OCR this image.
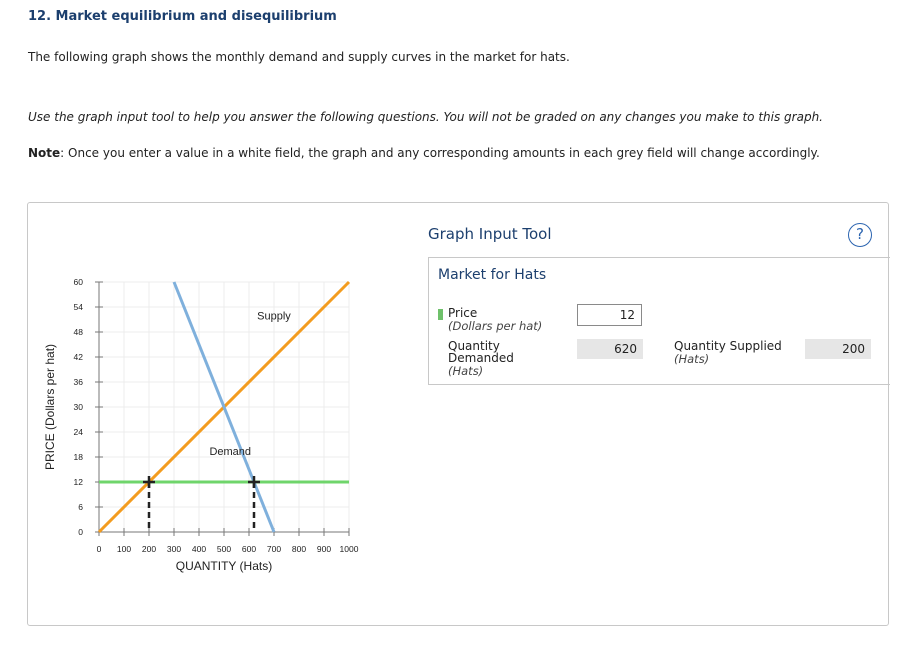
12. Market equilibrium and disequilibrium

The following graph shows the monthly demand and supply curves in the market for hats.

Use the graph input tool to help you answer the following questions. You will not be graded on any changes you make to this graph.

Note: Once you enter a value in a white field, the graph and any corresponding amounts in each grey field will change accordingly.

0
6
12
18
24
30
36
42
48
54
60
0 100 200 300 400 500 600 700 800 900 1000
Supply
Demand
QUANTITY (Hats)
PRICE (Dollars per hat)
Graph Input Tool	?
Market for Hats
Price
(Dollars per hat)
12
Quantity
Demanded
(Hats)
620	Quantity Supplied
(Hats)
200
